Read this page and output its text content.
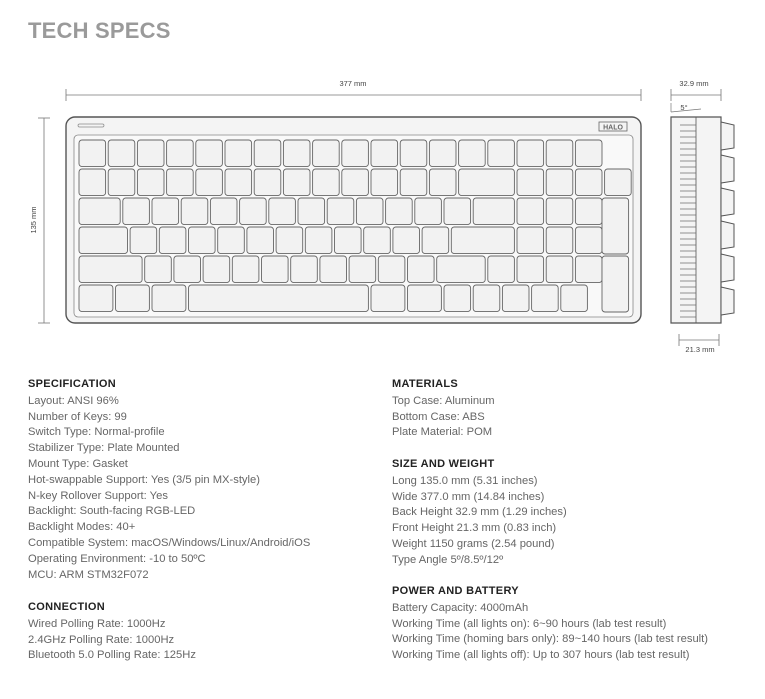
TECH SPECS
377 mm
135 mm
HALO
32.9 mm
5°
21.3 mm
SPECIFICATION
Layout: ANSI 96%
Number of Keys: 99
Switch Type: Normal-profile
Stabilizer Type: Plate Mounted
Mount Type: Gasket
Hot-swappable Support: Yes (3/5 pin MX-style)
N-key Rollover Support: Yes
Backlight: South-facing RGB-LED
Backlight Modes: 40+
Compatible System: macOS/Windows/Linux/Android/iOS
Operating Environment: -10 to 50ºC
MCU: ARM STM32F072
CONNECTION
Wired Polling Rate: 1000Hz
2.4GHz Polling Rate: 1000Hz
Bluetooth 5.0 Polling Rate: 125Hz
MATERIALS
Top Case: Aluminum
Bottom Case: ABS
Plate Material: POM
SIZE AND WEIGHT
Long 135.0 mm (5.31 inches)
Wide 377.0 mm (14.84 inches)
Back Height 32.9 mm (1.29 inches)
Front Height 21.3 mm (0.83 inch)
Weight 1150 grams (2.54 pound)
Type Angle 5º/8.5º/12º
POWER AND BATTERY
Battery Capacity: 4000mAh
Working Time (all lights on): 6~90 hours (lab test result)
Working Time (homing bars only): 89~140 hours (lab test result)
Working Time (all lights off): Up to 307 hours (lab test result)
